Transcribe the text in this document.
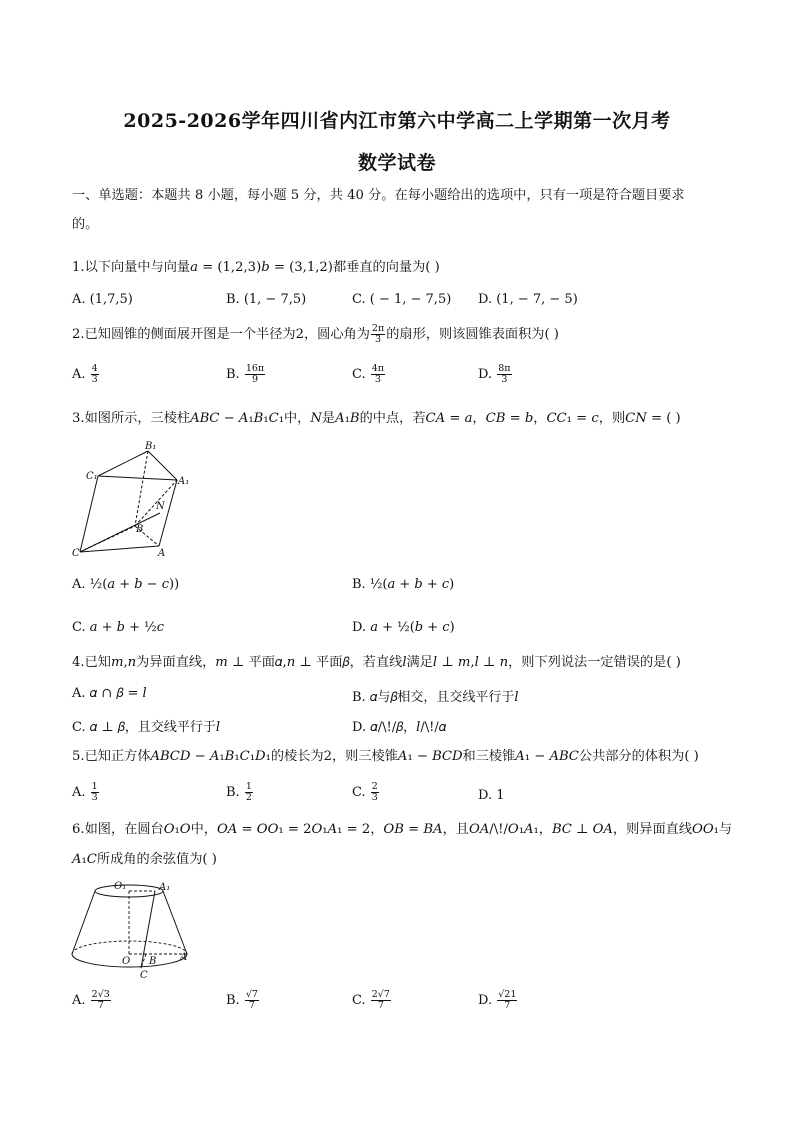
2025-2026学年四川省内江市第六中学高二上学期第一次月考
数学试卷
一、单选题：本题共 8 小题，每小题 5 分，共 40 分。在每小题给出的选项中，只有一项是符合题目要求
的。
1.以下向量中与向量𝑎 = (1,2,3)𝑏 = (3,1,2)都垂直的向量为( )
A. (1,7,5)	B. (1, − 7,5)	C. ( − 1, − 7,5) D. (1, − 7, − 5)
2.已知圆锥的侧面展开图是一个半径为2，圆心角为 $\frac{2\pi}{3}$ 的扇形，则该圆锥表面积为( )
A. $\frac{4}{3}$	B. $\frac{16\pi}{9}$	C. $\frac{4\pi}{3}$	D. $\frac{8\pi}{3}$
3.如图所示，三棱柱𝐴𝐵𝐶 − 𝐴₁𝐵₁𝐶₁中，𝑁是𝐴₁𝐵的中点，若𝐶𝐴 = 𝑎，𝐶𝐵 = 𝑏，𝐶𝐶₁ = 𝑐，则𝐶𝑁 = ( )
B₁
C₁	A₁
N
B
C	A
A. ½(𝑎 + 𝑏 − 𝑐))	B. ½(𝑎 + 𝑏 + 𝑐)
C. 𝑎 + 𝑏 + ½𝑐	D. 𝑎 + ½(𝑏 + 𝑐)
4.已知𝑚,𝑛为异面直线，𝑚 ⊥ 平面𝛼,𝑛 ⊥ 平面𝛽，若直线𝑙满足𝑙 ⊥ 𝑚,𝑙 ⊥ 𝑛，则下列说法一定错误的是( )
A. 𝛼 ∩ 𝛽 = 𝑙	B. 𝛼与𝛽相交，且交线平行于𝑙
C. 𝛼 ⊥ 𝛽，且交线平行于𝑙	D. 𝛼/\!/𝛽，𝑙/\!/𝛼
5.已知正方体𝐴𝐵𝐶𝐷 − 𝐴₁𝐵₁𝐶₁𝐷₁的棱长为2，则三棱锥𝐴₁ − 𝐵𝐶𝐷和三棱锥𝐴₁ − 𝐴𝐵𝐶公共部分的体积为( )
A. $\frac{1}{3}$	B. $\frac{1}{2}$	C. $\frac{2}{3}$	D. 1
6.如图，在圆台𝑂₁𝑂中，𝑂𝐴 = 𝑂𝑂₁ = 2𝑂₁𝐴₁ = 2，𝑂𝐵 = 𝐵𝐴，且𝑂𝐴/\!/𝑂₁𝐴₁，𝐵𝐶 ⊥ 𝑂𝐴，则异面直线𝑂𝑂₁与
𝐴₁𝐶所成角的余弦值为( )
O₁	A₁
O B A
C
A. $\frac{2√3}{7}$	B. $\frac{√7}{7}$	C. $\frac{2√7}{7}$	D. $\frac{√21}{7}$
